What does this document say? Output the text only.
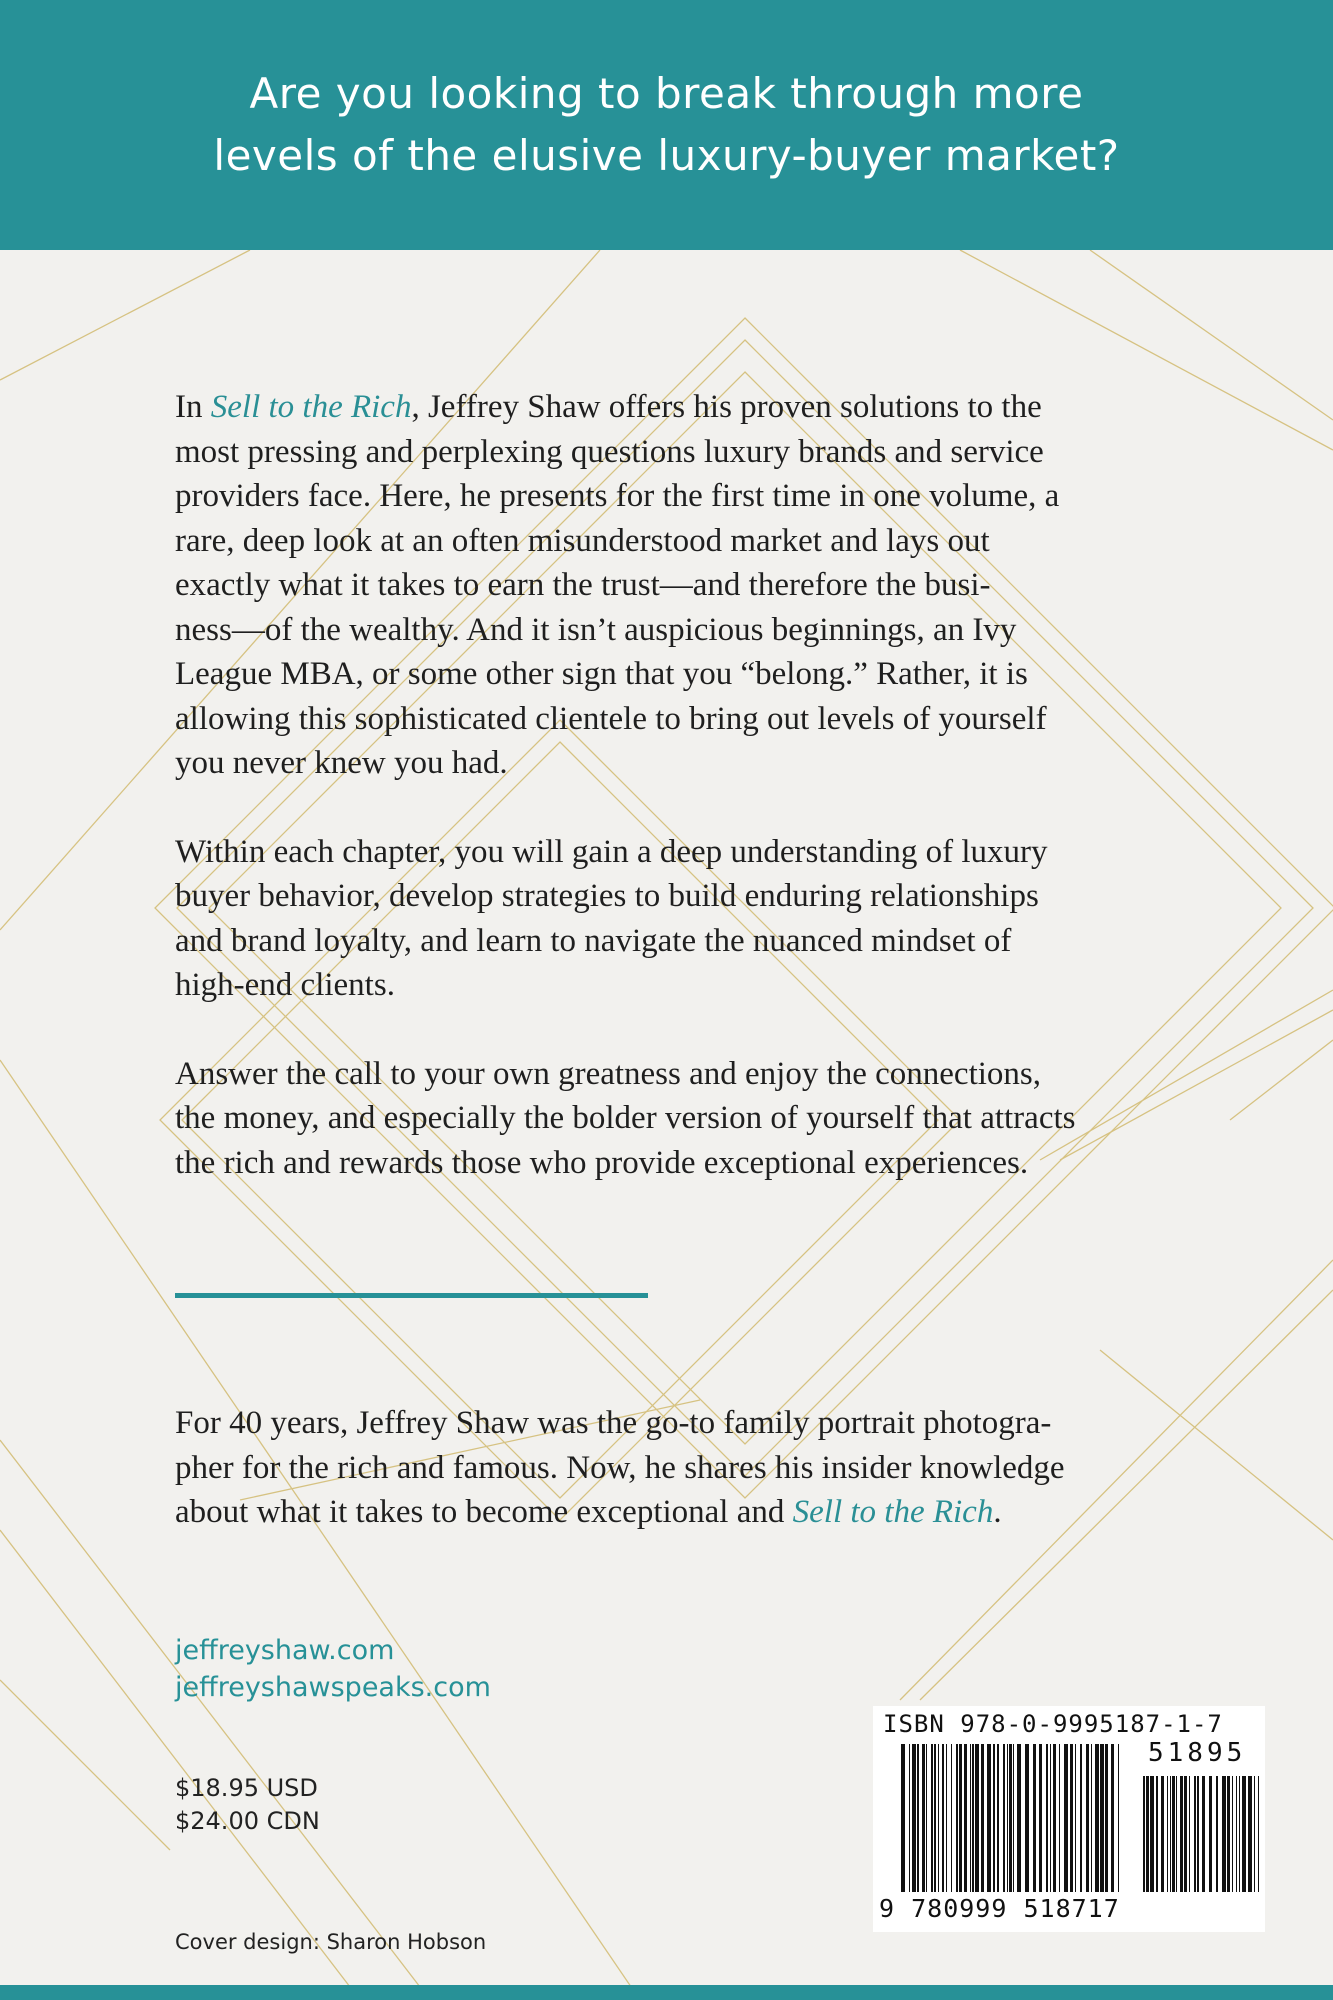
Are you looking to break through more
levels of the elusive luxury-buyer market?

In Sell to the Rich, Jeffrey Shaw offers his proven solutions to the
most pressing and perplexing questions luxury brands and service
providers face. Here, he presents for the first time in one volume, a
rare, deep look at an often misunderstood market and lays out
exactly what it takes to earn the trust—and therefore the busi-
ness—of the wealthy. And it isn’t auspicious beginnings, an Ivy
League MBA, or some other sign that you “belong.” Rather, it is
allowing this sophisticated clientele to bring out levels of yourself
you never knew you had.

Within each chapter, you will gain a deep understanding of luxury
buyer behavior, develop strategies to build enduring relationships
and brand loyalty, and learn to navigate the nuanced mindset of
high-end clients.

Answer the call to your own greatness and enjoy the connections,
the money, and especially the bolder version of yourself that attracts
the rich and rewards those who provide exceptional experiences.

For 40 years, Jeffrey Shaw was the go-to family portrait photogra-
pher for the rich and famous. Now, he shares his insider knowledge
about what it takes to become exceptional and Sell to the Rich.

jeffreyshaw.com
jeffreyshawspeaks.com
$18.95 USD
$24.00 CDN
Cover design: Sharon Hobson
ISBN 978-0-9995187-1-7
51895
9 780999 518717
